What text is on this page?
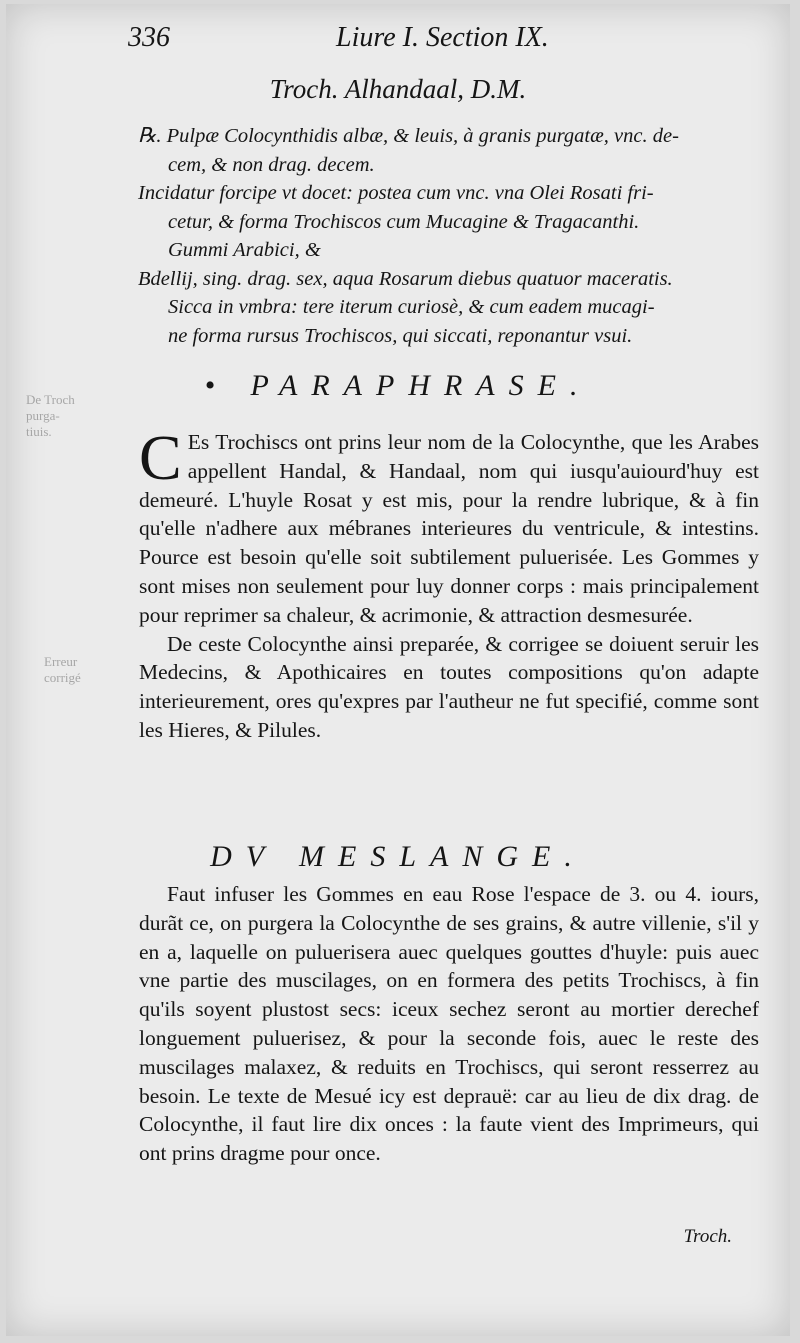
De Troch
purga-
tiuis.
Erreur
corrigé
336	Liure I. Section IX.
Troch. Alhandaal, D.M.

℞. Pulpæ Colocynthidis albæ, & leuis, à granis purgatæ, vnc. de-

cem, & non drag. decem.

Incidatur forcipe vt docet: postea cum vnc. vna Olei Rosati fri-

cetur, & forma Trochiscos cum Mucagine & Tragacanthi.

Gummi Arabici, &

Bdellij, sing. drag. sex, aqua Rosarum diebus quatuor maceratis.

Sicca in vmbra: tere iterum curiosè, & cum eadem mucagi-

ne forma rursus Trochiscos, qui siccati, reponantur vsui.

• PARAPHRASE.

C Es Trochiscs ont prins leur nom de la Colocynthe, que les Arabes appellent Handal, & Handaal, nom qui iusqu'auiourd'huy est demeuré. L'huyle Rosat y est mis, pour la rendre lubrique, & à fin qu'elle n'adhere aux mébranes interieures du ventricule, & intestins. Pource est besoin qu'elle soit subtilement puluerisée. Les Gommes y sont mises non seulement pour luy donner corps : mais principalement pour reprimer sa chaleur, & acrimonie, & attraction desmesurée.

De ceste Colocynthe ainsi preparée, & corrigee se doiuent seruir les Medecins, & Apothicaires en toutes compositions qu'on adapte interieurement, ores qu'expres par l'autheur ne fut specifié, comme sont les Hieres, & Pilules.

DV MESLANGE.

Faut infuser les Gommes en eau Rose l'espace de 3. ou 4. iours, durãt ce, on purgera la Colocynthe de ses grains, & autre villenie, s'il y en a, laquelle on puluerisera auec quelques gouttes d'huyle: puis auec vne partie des muscilages, on en formera des petits Trochiscs, à fin qu'ils soyent plustost secs: iceux sechez seront au mortier derechef longuement puluerisez, & pour la seconde fois, auec le reste des muscilages malaxez, & reduits en Trochiscs, qui seront resserrez au besoin. Le texte de Mesué icy est deprauë: car au lieu de dix drag. de Colocynthe, il faut lire dix onces : la faute vient des Imprimeurs, qui ont prins dragme pour once.

Troch.
